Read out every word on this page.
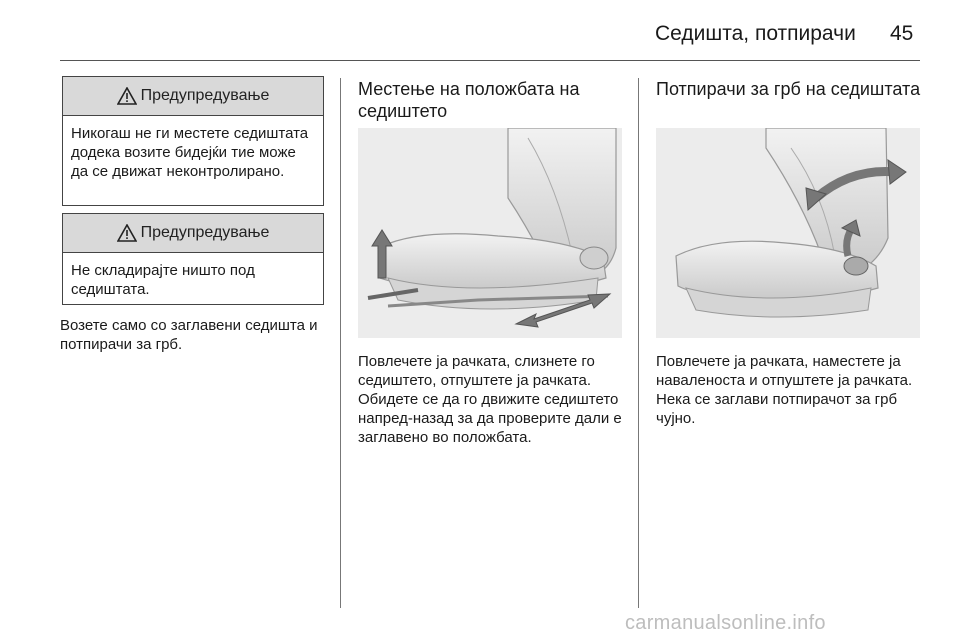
Седишта, потпирачи 45
Предупредување
Никогаш не ги местете седиштата додека возите бидејќи тие може да се движат неконтролирано.
Предупредување
Не складирајте ништо под седиштата.
Возете само со заглавени седишта и потпирачи за грб.
Местење на положбата на седиштето
Повлечете ја рачката, слизнете го седиштето, отпуштете ја рачката. Обидете се да го движите седиштето напред-назад за да проверите дали е заглавено во положбата.
Потпирачи за грб на седиштата
Повлечете ја рачката, наместете ја навалeноста и отпуштете ја рачката. Нека се заглави потпирачот за грб чујно.
carmanualsonline.info
